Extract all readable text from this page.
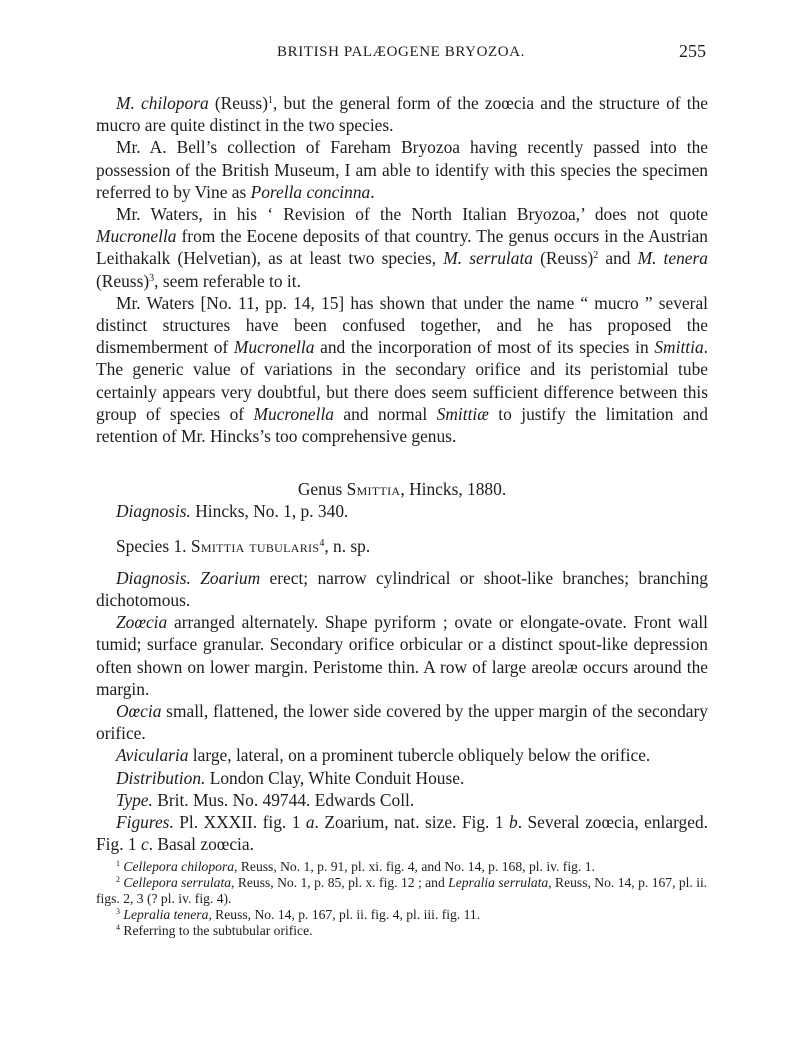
BRITISH PALÆOGENE BRYOZOA.	255

M. chilopora (Reuss)$^1$, but the general form of the zoœcia and the structure of the mucro are quite distinct in the two species.

Mr. A. Bell’s collection of Fareham Bryozoa having recently passed into the possession of the British Museum, I am able to identify with this species the specimen referred to by Vine as Porella concinna.

Mr. Waters, in his ‘ Revision of the North Italian Bryozoa,’ does not quote Mucronella from the Eocene deposits of that country. The genus occurs in the Austrian Leithakalk (Helvetian), as at least two species, M. serrulata (Reuss)$^2$ and M. tenera (Reuss)$^3$, seem referable to it.

Mr. Waters [No. 11, pp. 14, 15] has shown that under the name “ mucro ” several distinct structures have been confused together, and he has proposed the dismemberment of Mucronella and the incorporation of most of its species in Smittia. The generic value of variations in the secondary orifice and its peristomial tube certainly appears very doubtful, but there does seem sufficient difference between this group of species of Mucronella and normal Smittiæ to justify the limitation and retention of Mr. Hincks’s too comprehensive genus.

Genus Smittia, Hincks, 1880.

Diagnosis. Hincks, No. 1, p. 340.

Species 1. Smittia tubularis$^4$, n. sp.

Diagnosis. Zoarium erect; narrow cylindrical or shoot-like branches; branching dichotomous.

Zoœcia arranged alternately. Shape pyriform ; ovate or elongate-ovate. Front wall tumid; surface granular. Secondary orifice orbicular or a distinct spout-like depression often shown on lower margin. Peristome thin. A row of large areolæ occurs around the margin.

Oœcia small, flattened, the lower side covered by the upper margin of the secondary orifice.

Avicularia large, lateral, on a prominent tubercle obliquely below the orifice.

Distribution. London Clay, White Conduit House.

Type. Brit. Mus. No. 49744. Edwards Coll.

Figures. Pl. XXXII. fig. 1 a. Zoarium, nat. size. Fig. 1 b. Several zoœcia, enlarged. Fig. 1 c. Basal zoœcia.

$^1$ Cellepora chilopora, Reuss, No. 1, p. 91, pl. xi. fig. 4, and No. 14, p. 168, pl. iv. fig. 1.

$^2$ Cellepora serrulata, Reuss, No. 1, p. 85, pl. x. fig. 12 ; and Lepralia serrulata, Reuss, No. 14, p. 167, pl. ii. figs. 2, 3 (? pl. iv. fig. 4).

$^3$ Lepralia tenera, Reuss, No. 14, p. 167, pl. ii. fig. 4, pl. iii. fig. 11.

$^4$ Referring to the subtubular orifice.
